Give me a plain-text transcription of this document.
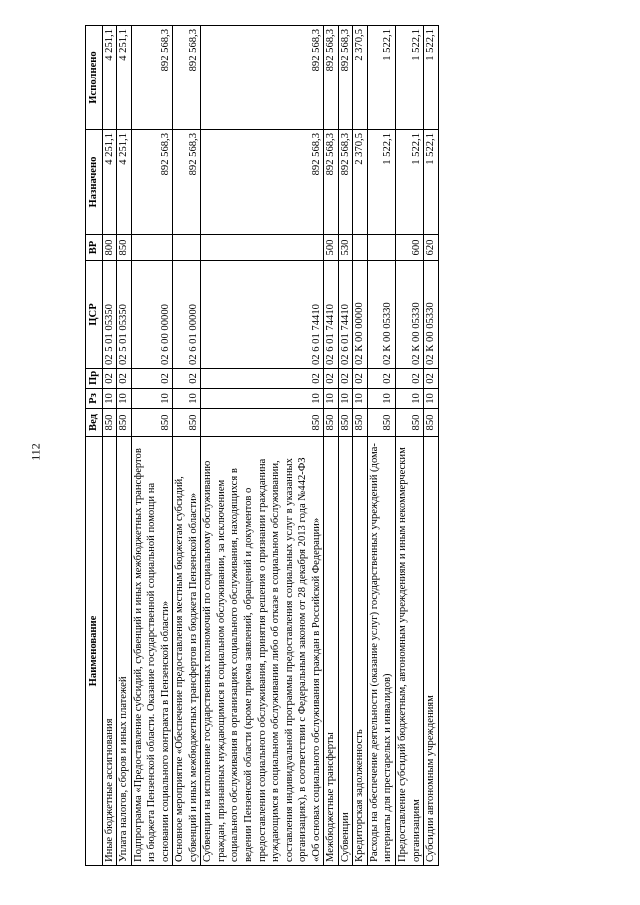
112
Наименование	Вед	Рз	Пр	ЦСР	ВР	Назначено	Исполнено
Иные бюджетные ассигнования	850	10	02	02 5 01 05350	800	4 251,1	4 251,1
Уплата налогов, сборов и иных платежей	850	10	02	02 5 01 05350	850	4 251,1	4 251,1
Подпрограмма «Предоставление субсидий, субвенций и иных межбюджетных трансфертов из бюджета Пензенской области. Оказание государственной социальной помощи на основании социального контракта в Пензенской области»	850	10	02	02 6 00 00000		892 568,3	892 568,3
Основное мероприятие «Обеспечение предоставления местным бюджетам субсидий, субвенций и иных межбюджетных трансфертов из бюджета Пензенской области»	850	10	02	02 6 01 00000		892 568,3	892 568,3
Субвенции на исполнение государственных полномочий по социальному обслуживанию граждан, признанных нуждающимися в социальном обслуживании, за исключением социального обслуживания в организациях социального обслуживания, находящихся в ведении Пензенской области (кроме приема заявлений, обращений и документов о предоставлении социального обслуживания, принятия решения о признании гражданина нуждающимся в социальном обслуживании либо об отказе в социальном обслуживании, составления индивидуальной программы предоставления социальных услуг в указанных организациях), в соответствии с Федеральным законом от 28 декабря 2013 года №442-ФЗ «Об основах социального обслуживания граждан в Российской Федерации»	850	10	02	02 6 01 74410		892 568,3	892 568,3
Межбюджетные трансферты	850	10	02	02 6 01 74410	500	892 568,3	892 568,3
Субвенции	850	10	02	02 6 01 74410	530	892 568,3	892 568,3
Кредиторская задолженность	850	10	02	02 К 00 00000		2 370,5	2 370,5
Расходы на обеспечение деятельности (оказание услуг) государственных учреждений (дома-интернаты для престарелых и инвалидов)	850	10	02	02 К 00 05330		1 522,1	1 522,1
Предоставление субсидий бюджетным, автономным учреждениям и иным некоммерческим организациям	850	10	02	02 К 00 05330	600	1 522,1	1 522,1
Субсидии автономным учреждениям	850	10	02	02 К 00 05330	620	1 522,1	1 522,1
